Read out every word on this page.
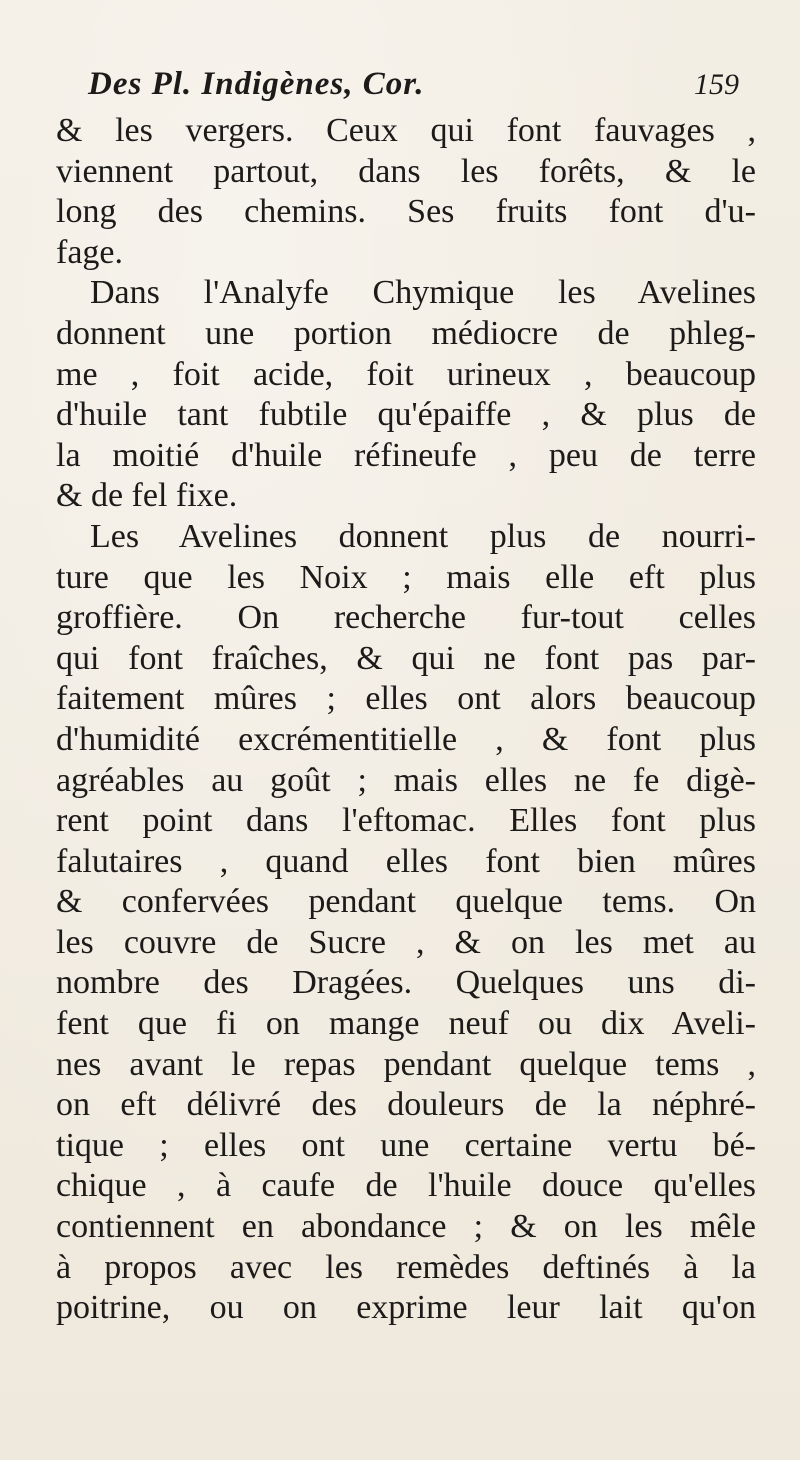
Des Pl. Indigènes, Cor.	159
& les vergers. Ceux qui font fauvages ,
viennent partout, dans les forêts, & le
long des chemins. Ses fruits font d'u-
fage.
Dans l'Analyfe Chymique les Avelines
donnent une portion médiocre de phleg-
me , foit acide, foit urineux , beaucoup
d'huile tant fubtile qu'épaiffe , & plus de
la moitié d'huile réfineufe , peu de terre
& de fel fixe.
Les Avelines donnent plus de nourri-
ture que les Noix ; mais elle eft plus
groffière. On recherche fur-tout celles
qui font fraîches, & qui ne font pas par-
faitement mûres ; elles ont alors beaucoup
d'humidité excrémentitielle , & font plus
agréables au goût ; mais elles ne fe digè-
rent point dans l'eftomac. Elles font plus
falutaires , quand elles font bien mûres
& confervées pendant quelque tems. On
les couvre de Sucre , & on les met au
nombre des Dragées. Quelques uns di-
fent que fi on mange neuf ou dix Aveli-
nes avant le repas pendant quelque tems ,
on eft délivré des douleurs de la néphré-
tique ; elles ont une certaine vertu bé-
chique , à caufe de l'huile douce qu'elles
contiennent en abondance ; & on les mêle
à propos avec les remèdes deftinés à la
poitrine, ou on exprime leur lait qu'on
